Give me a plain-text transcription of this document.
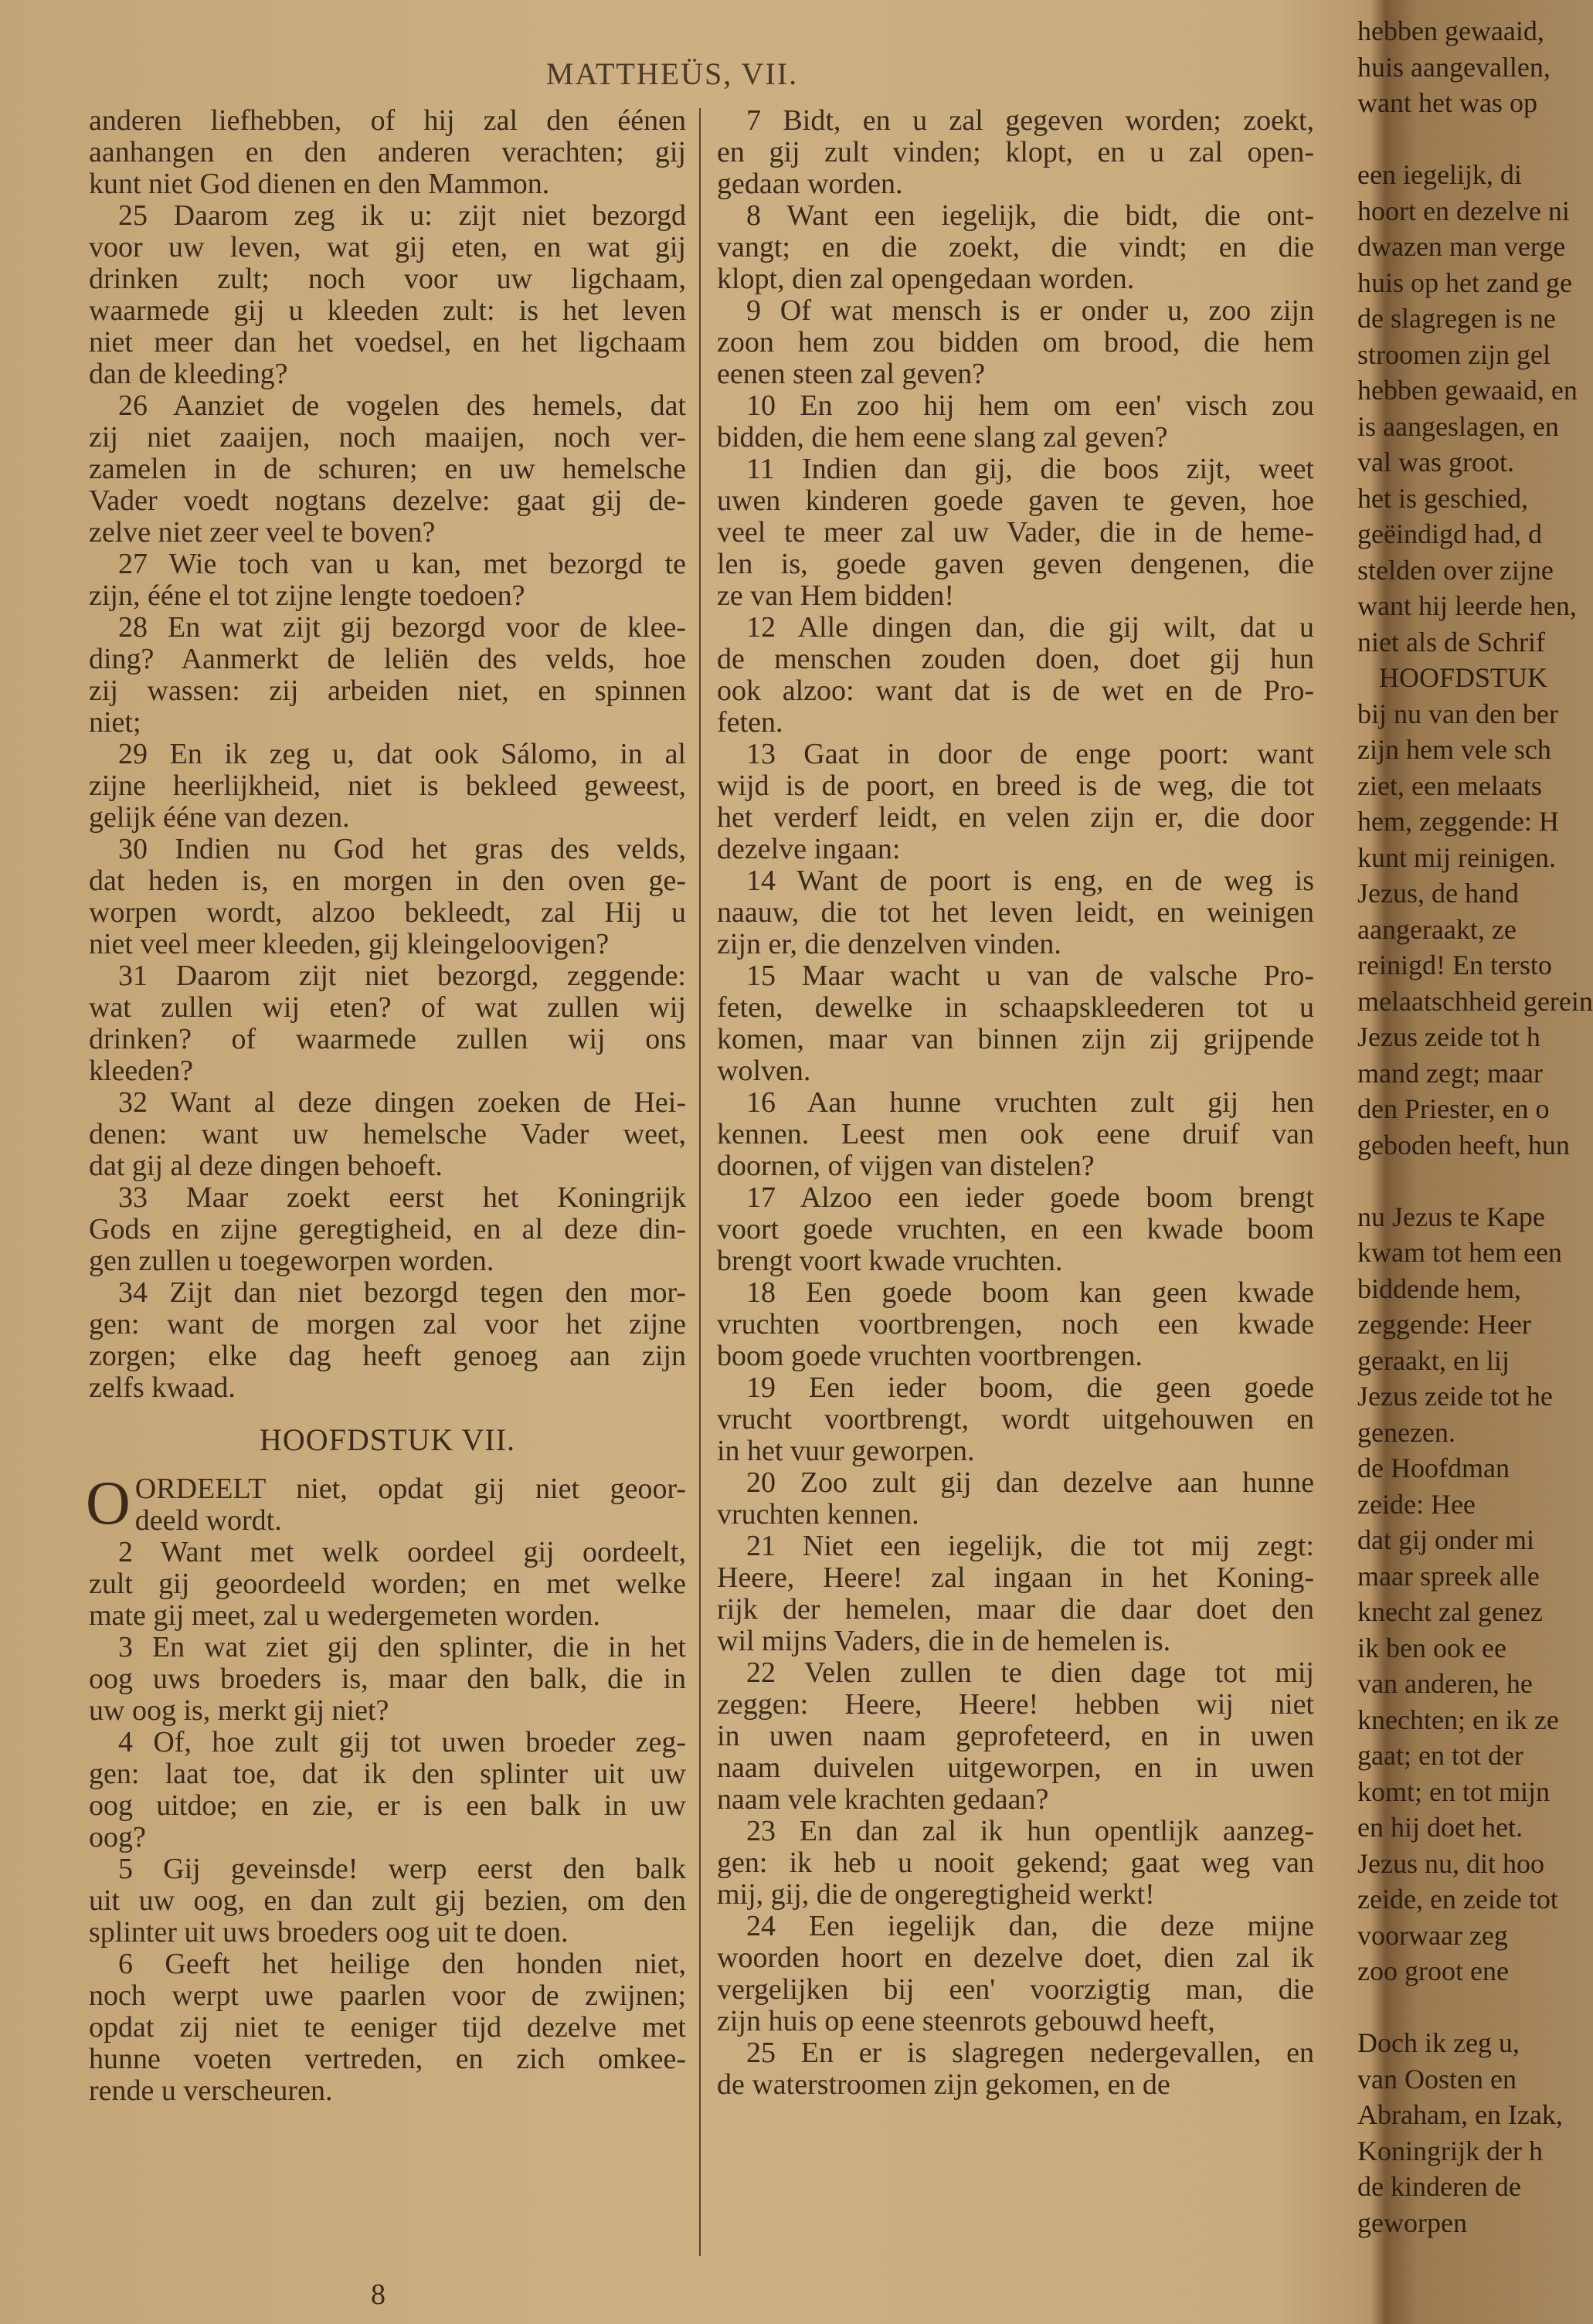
MATTHEÜS, VII.
anderen liefhebben, of hij zal den éénen
aanhangen en den anderen verachten; gij
kunt niet God dienen en den Mammon.
25 Daarom zeg ik u: zijt niet bezorgd
voor uw leven, wat gij eten, en wat gij
drinken zult; noch voor uw ligchaam,
waarmede gij u kleeden zult: is het leven
niet meer dan het voedsel, en het ligchaam
dan de kleeding?
26 Aanziet de vogelen des hemels, dat
zij niet zaaijen, noch maaijen, noch ver-
zamelen in de schuren; en uw hemelsche
Vader voedt nogtans dezelve: gaat gij de-
zelve niet zeer veel te boven?
27 Wie toch van u kan, met bezorgd te
zijn, ééne el tot zijne lengte toedoen?
28 En wat zijt gij bezorgd voor de klee-
ding? Aanmerkt de leliën des velds, hoe
zij wassen: zij arbeiden niet, en spinnen
niet;
29 En ik zeg u, dat ook Sálomo, in al
zijne heerlijkheid, niet is bekleed geweest,
gelijk ééne van dezen.
30 Indien nu God het gras des velds,
dat heden is, en morgen in den oven ge-
worpen wordt, alzoo bekleedt, zal Hij u
niet veel meer kleeden, gij kleingeloovigen?
31 Daarom zijt niet bezorgd, zeggende:
wat zullen wij eten? of wat zullen wij
drinken? of waarmede zullen wij ons
kleeden?
32 Want al deze dingen zoeken de Hei-
denen: want uw hemelsche Vader weet,
dat gij al deze dingen behoeft.
33 Maar zoekt eerst het Koningrijk
Gods en zijne geregtigheid, en al deze din-
gen zullen u toegeworpen worden.
34 Zijt dan niet bezorgd tegen den mor-
gen: want de morgen zal voor het zijne
zorgen; elke dag heeft genoeg aan zijn
zelfs kwaad.
HOOFDSTUK VII.
O ORDEELT niet, opdat gij niet geoor-
deeld wordt.
2 Want met welk oordeel gij oordeelt,
zult gij geoordeeld worden; en met welke
mate gij meet, zal u wedergemeten worden.
3 En wat ziet gij den splinter, die in het
oog uws broeders is, maar den balk, die in
uw oog is, merkt gij niet?
4 Of, hoe zult gij tot uwen broeder zeg-
gen: laat toe, dat ik den splinter uit uw
oog uitdoe; en zie, er is een balk in uw
oog?
5 Gij geveinsde! werp eerst den balk
uit uw oog, en dan zult gij bezien, om den
splinter uit uws broeders oog uit te doen.
6 Geeft het heilige den honden niet,
noch werpt uwe paarlen voor de zwijnen;
opdat zij niet te eeniger tijd dezelve met
hunne voeten vertreden, en zich omkee-
rende u verscheuren.
7 Bidt, en u zal gegeven worden; zoekt,
en gij zult vinden; klopt, en u zal open-
gedaan worden.
8 Want een iegelijk, die bidt, die ont-
vangt; en die zoekt, die vindt; en die
klopt, dien zal opengedaan worden.
9 Of wat mensch is er onder u, zoo zijn
zoon hem zou bidden om brood, die hem
eenen steen zal geven?
10 En zoo hij hem om een' visch zou
bidden, die hem eene slang zal geven?
11 Indien dan gij, die boos zijt, weet
uwen kinderen goede gaven te geven, hoe
veel te meer zal uw Vader, die in de heme-
len is, goede gaven geven dengenen, die
ze van Hem bidden!
12 Alle dingen dan, die gij wilt, dat u
de menschen zouden doen, doet gij hun
ook alzoo: want dat is de wet en de Pro-
feten.
13 Gaat in door de enge poort: want
wijd is de poort, en breed is de weg, die tot
het verderf leidt, en velen zijn er, die door
dezelve ingaan:
14 Want de poort is eng, en de weg is
naauw, die tot het leven leidt, en weinigen
zijn er, die denzelven vinden.
15 Maar wacht u van de valsche Pro-
feten, dewelke in schaapskleederen tot u
komen, maar van binnen zijn zij grijpende
wolven.
16 Aan hunne vruchten zult gij hen
kennen. Leest men ook eene druif van
doornen, of vijgen van distelen?
17 Alzoo een ieder goede boom brengt
voort goede vruchten, en een kwade boom
brengt voort kwade vruchten.
18 Een goede boom kan geen kwade
vruchten voortbrengen, noch een kwade
boom goede vruchten voortbrengen.
19 Een ieder boom, die geen goede
vrucht voortbrengt, wordt uitgehouwen en
in het vuur geworpen.
20 Zoo zult gij dan dezelve aan hunne
vruchten kennen.
21 Niet een iegelijk, die tot mij zegt:
Heere, Heere! zal ingaan in het Koning-
rijk der hemelen, maar die daar doet den
wil mijns Vaders, die in de hemelen is.
22 Velen zullen te dien dage tot mij
zeggen: Heere, Heere! hebben wij niet
in uwen naam geprofeteerd, en in uwen
naam duivelen uitgeworpen, en in uwen
naam vele krachten gedaan?
23 En dan zal ik hun opentlijk aanzeg-
gen: ik heb u nooit gekend; gaat weg van
mij, gij, die de ongeregtigheid werkt!
24 Een iegelijk dan, die deze mijne
woorden hoort en dezelve doet, dien zal ik
vergelijken bij een' voorzigtig man, die
zijn huis op eene steenrots gebouwd heeft,
25 En er is slagregen nedergevallen, en
de waterstroomen zijn gekomen, en de
8
hebben gewaaid,
huis aangevallen,
want het was op
een iegelijk, di
hoort en dezelve ni
dwazen man verge
huis op het zand ge
de slagregen is ne
stroomen zijn gel
hebben gewaaid, en
is aangeslagen, en
val was groot.
het is geschied,
geëindigd had, d
stelden over zijne
want hij leerde hen,
niet als de Schrif
HOOFDSTUK
bij nu van den ber
zijn hem vele sch
ziet, een melaats
hem, zeggende: H
kunt mij reinigen.
Jezus, de hand
aangeraakt, ze
reinigd! En tersto
melaatschheid gerein
Jezus zeide tot h
mand zegt; maar
den Priester, en o
geboden heeft, hun
nu Jezus te Kape
kwam tot hem een
biddende hem,
zeggende: Heer
geraakt, en lij
Jezus zeide tot he
genezen.
de Hoofdman
zeide: Hee
dat gij onder mi
maar spreek alle
knecht zal genez
ik ben ook ee
van anderen, he
knechten; en ik ze
gaat; en tot der
komt; en tot mijn
en hij doet het.
Jezus nu, dit hoo
zeide, en zeide tot
voorwaar zeg
zoo groot ene
Doch ik zeg u,
van Oosten en
Abraham, en Izak,
Koningrijk der h
de kinderen de
geworpen
